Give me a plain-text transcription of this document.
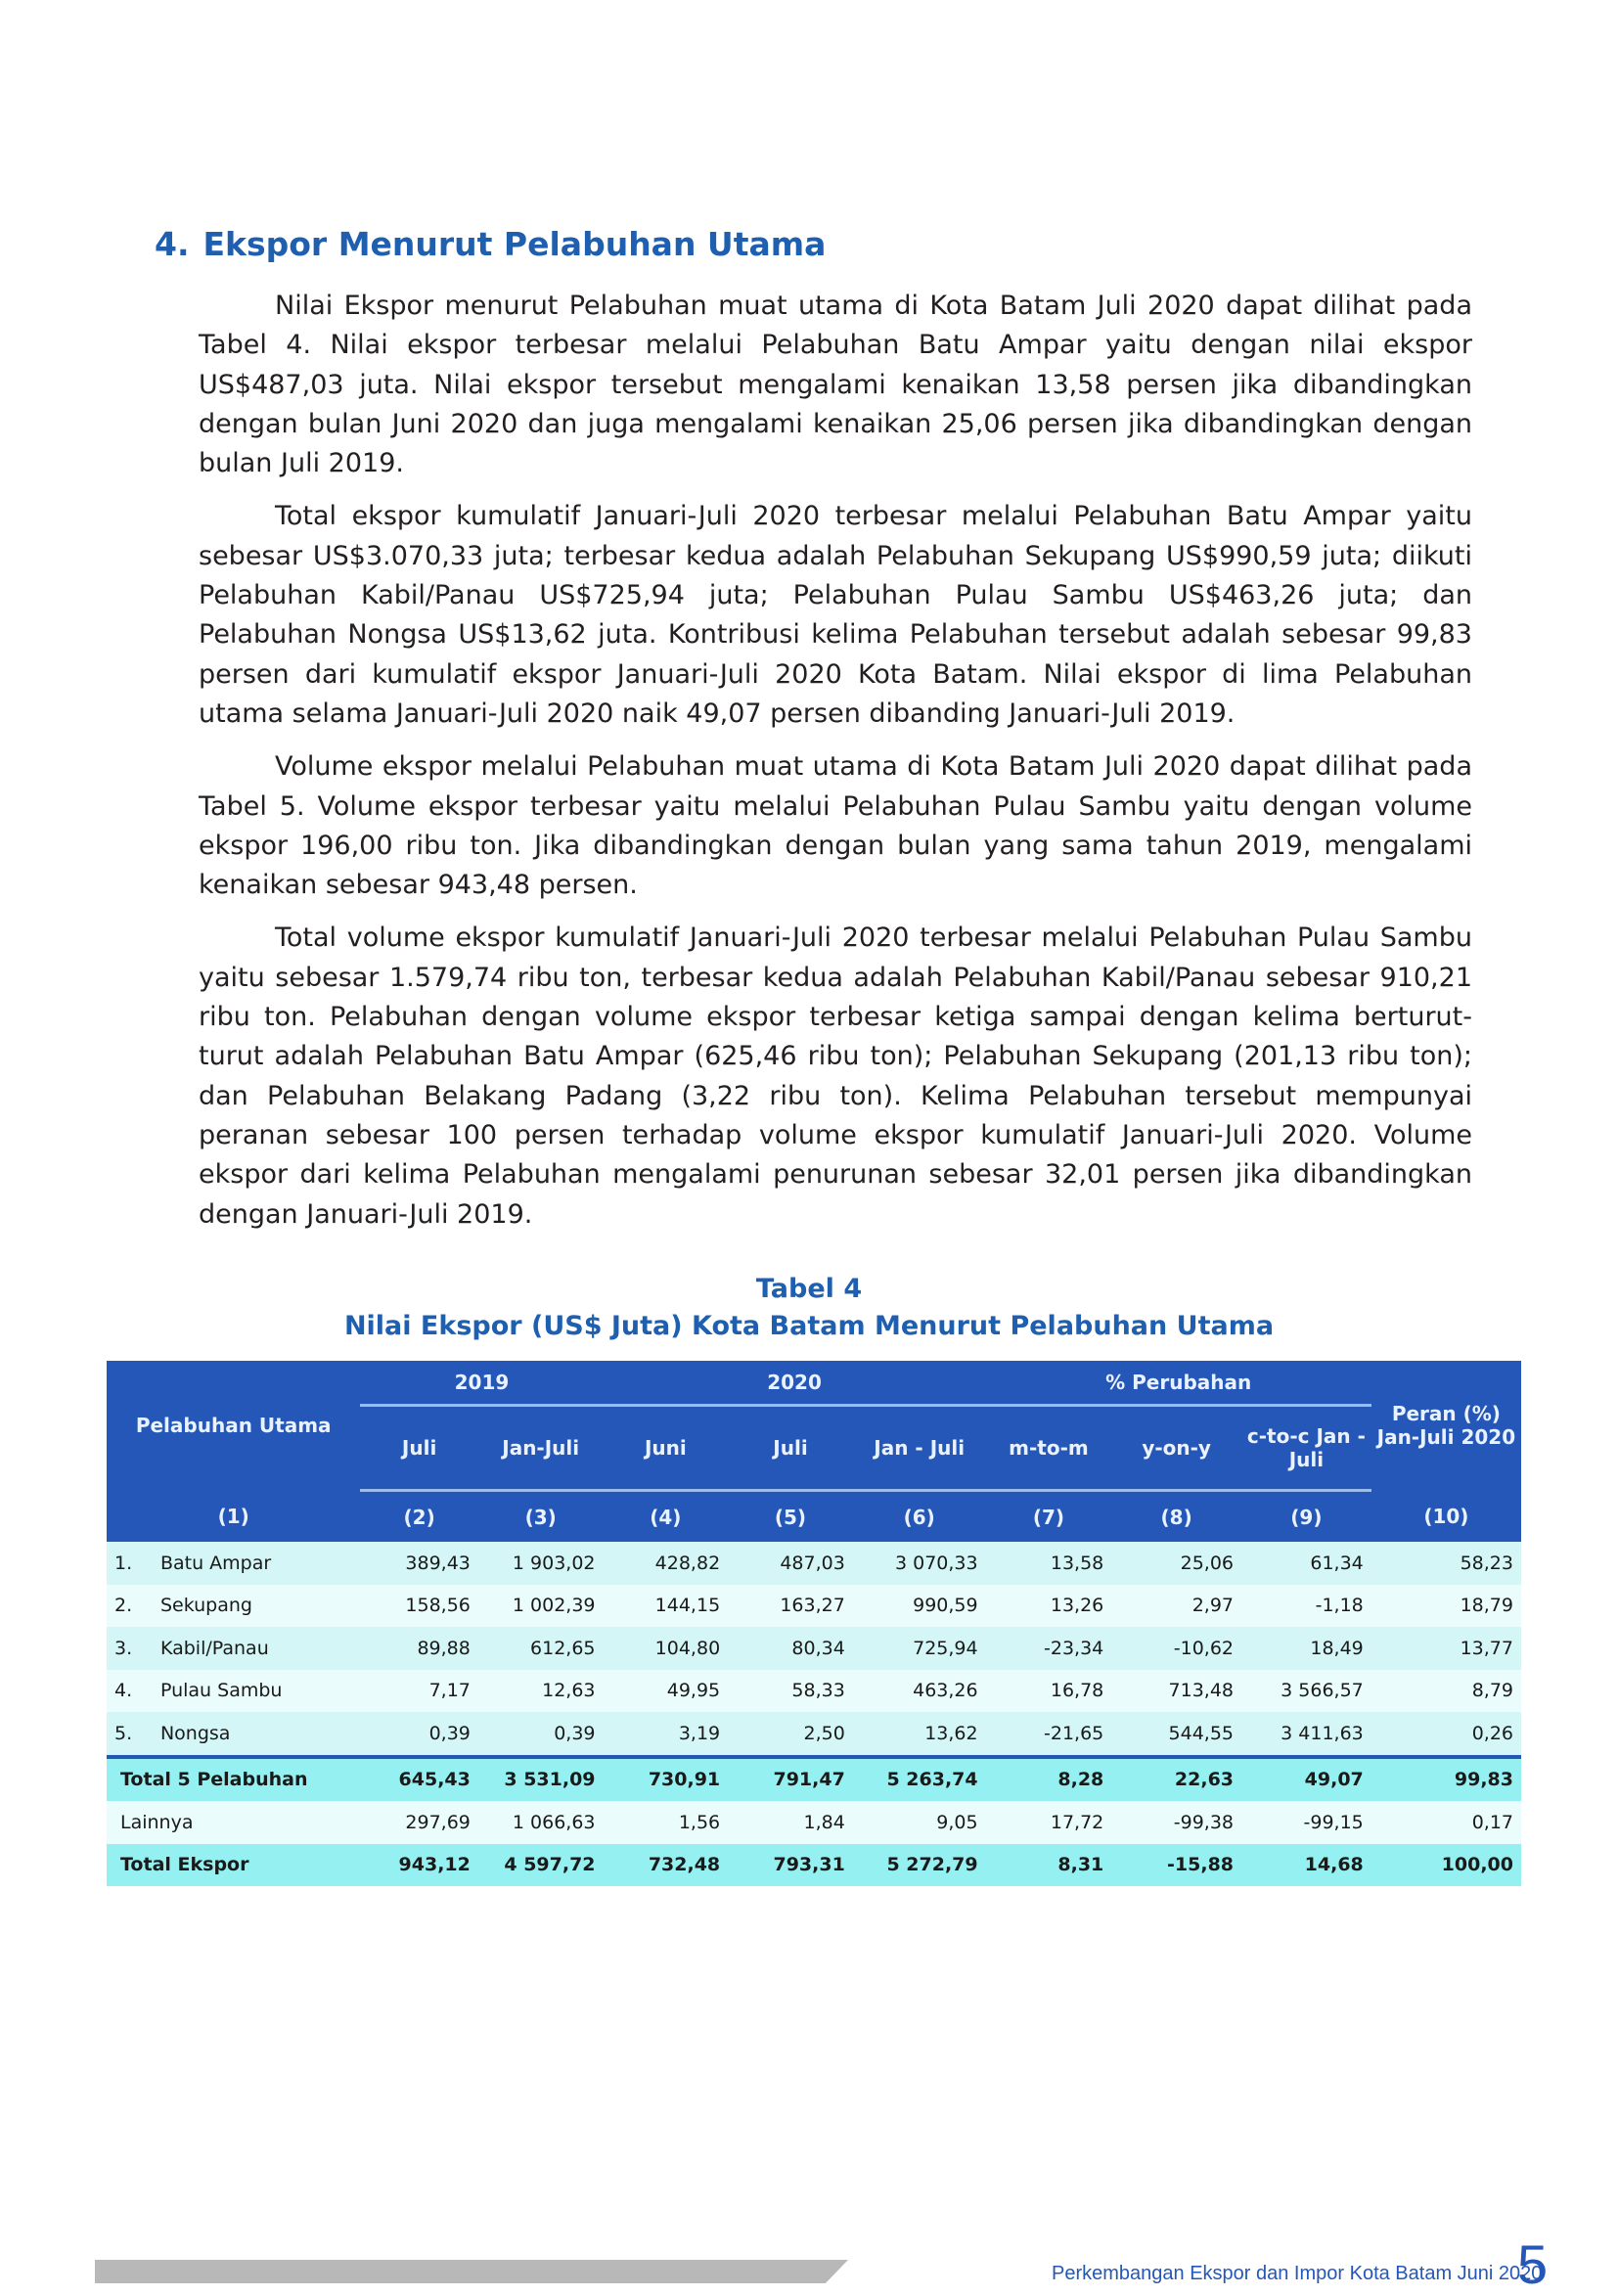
4. Ekspor Menurut Pelabuhan Utama

Nilai Ekspor menurut Pelabuhan muat utama di Kota Batam Juli 2020 dapat dilihat pada Tabel 4. Nilai ekspor terbesar melalui Pelabuhan Batu Ampar yaitu dengan nilai ekspor US$487,03 juta. Nilai ekspor tersebut mengalami kenaikan 13,58 persen jika dibandingkan dengan bulan Juni 2020 dan juga mengalami kenaikan 25,06 persen jika dibandingkan dengan bulan Juli 2019.

Total ekspor kumulatif Januari-Juli 2020 terbesar melalui Pelabuhan Batu Ampar yaitu sebesar US$3.070,33 juta; terbesar kedua adalah Pelabuhan Sekupang US$990,59 juta; diikuti Pelabuhan Kabil/Panau US$725,94 juta; Pelabuhan Pulau Sambu US$463,26 juta; dan Pelabuhan Nongsa US$13,62 juta. Kontribusi kelima Pelabuhan tersebut adalah sebesar 99,83 persen dari kumulatif ekspor Januari-Juli 2020 Kota Batam. Nilai ekspor di lima Pelabuhan utama selama Januari-Juli 2020 naik 49,07 persen dibanding Januari-Juli 2019.

Volume ekspor melalui Pelabuhan muat utama di Kota Batam Juli 2020 dapat dilihat pada Tabel 5. Volume ekspor terbesar yaitu melalui Pelabuhan Pulau Sambu yaitu dengan volume ekspor 196,00 ribu ton. Jika dibandingkan dengan bulan yang sama tahun 2019, mengalami kenaikan sebesar 943,48 persen.

Total volume ekspor kumulatif Januari-Juli 2020 terbesar melalui Pelabuhan Pulau Sambu yaitu sebesar 1.579,74 ribu ton, terbesar kedua adalah Pelabuhan Kabil/Panau sebesar 910,21 ribu ton. Pelabuhan dengan volume ekspor terbesar ketiga sampai dengan kelima berturut-turut adalah Pelabuhan Batu Ampar (625,46 ribu ton); Pelabuhan Sekupang (201,13 ribu ton); dan Pelabuhan Belakang Padang (3,22 ribu ton). Kelima Pelabuhan tersebut mempunyai peranan sebesar 100 persen terhadap volume ekspor kumulatif Januari-Juli 2020. Volume ekspor dari kelima Pelabuhan mengalami penurunan sebesar 32,01 persen jika dibandingkan dengan Januari-Juli 2019.

Tabel 4
Nilai Ekspor (US$ Juta) Kota Batam Menurut Pelabuhan Utama
Pelabuhan Utama		2019		2020			% Perubahan			Peran (%) Jan-Juli 2020
		Juli	Jan-Juli	Juni	Juli	Jan - Juli	m-to-m	y-on-y	c-to-c Jan - Juli	
(1)		(2)	(3)	(4)	(5)	(6)	(7)	(8)	(9)	(10)
1.	Batu Ampar	389,43	1 903,02	428,82	487,03	3 070,33	13,58	25,06	61,34	58,23
2.	Sekupang	158,56	1 002,39	144,15	163,27	990,59	13,26	2,97	-1,18	18,79
3.	Kabil/Panau	89,88	612,65	104,80	80,34	725,94	-23,34	-10,62	18,49	13,77
4.	Pulau Sambu	7,17	12,63	49,95	58,33	463,26	16,78	713,48	3 566,57	8,79
5.	Nongsa	0,39	0,39	3,19	2,50	13,62	-21,65	544,55	3 411,63	0,26
Total 5 Pelabuhan		645,43	3 531,09	730,91	791,47	5 263,74	8,28	22,63	49,07	99,83
Lainnya		297,69	1 066,63	1,56	1,84	9,05	17,72	-99,38	-99,15	0,17
Total Ekspor		943,12	4 597,72	732,48	793,31	5 272,79	8,31	-15,88	14,68	100,00
Perkembangan Ekspor dan Impor Kota Batam Juni 2020
5
